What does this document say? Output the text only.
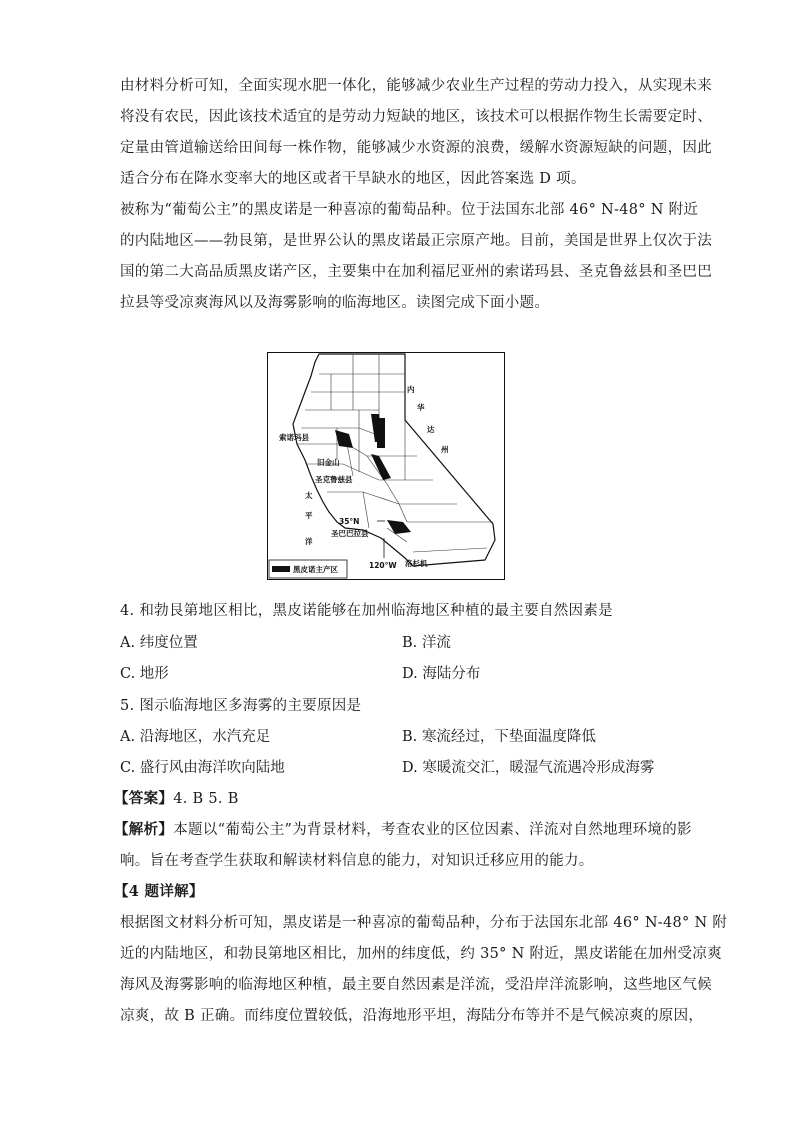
由材料分析可知，全面实现水肥一体化，能够减少农业生产过程的劳动力投入，从实现未来
将没有农民，因此该技术适宜的是劳动力短缺的地区，该技术可以根据作物生长需要定时、
定量由管道输送给田间每一株作物，能够减少水资源的浪费，缓解水资源短缺的问题，因此
适合分布在降水变率大的地区或者干旱缺水的地区，因此答案选 D 项。
被称为“葡萄公主”的黑皮诺是一种喜凉的葡萄品种。位于法国东北部 46° N-48° N 附近
的内陆地区——勃艮第，是世界公认的黑皮诺最正宗原产地。目前，美国是世界上仅次于法
国的第二大高品质黑皮诺产区，主要集中在加利福尼亚州的索诺玛县、圣克鲁兹县和圣巴巴
拉县等受凉爽海风以及海雾影响的临海地区。读图完成下面小题。
索诺玛县
旧金山
圣克鲁兹县
太
平
洋
35°N
圣巴巴拉县
洛杉机
120°W
内
华
达
州
黑皮诺主产区
4. 和勃艮第地区相比，黑皮诺能够在加州临海地区种植的最主要自然因素是
A. 纬度位置	B. 洋流
C. 地形	D. 海陆分布
5. 图示临海地区多海雾的主要原因是
A. 沿海地区，水汽充足	B. 寒流经过，下垫面温度降低
C. 盛行风由海洋吹向陆地	D. 寒暖流交汇，暖湿气流遇冷形成海雾
【答案】4. B 5. B
【解析】本题以“葡萄公主”为背景材料，考查农业的区位因素、洋流对自然地理环境的影
响。旨在考查学生获取和解读材料信息的能力，对知识迁移应用的能力。
【4 题详解】
根据图文材料分析可知，黑皮诺是一种喜凉的葡萄品种，分布于法国东北部 46° N-48° N 附
近的内陆地区，和勃艮第地区相比，加州的纬度低，约 35° N 附近，黑皮诺能在加州受凉爽
海风及海雾影响的临海地区种植，最主要自然因素是洋流，受沿岸洋流影响，这些地区气候
凉爽，故 B 正确。而纬度位置较低，沿海地形平坦，海陆分布等并不是气候凉爽的原因，
